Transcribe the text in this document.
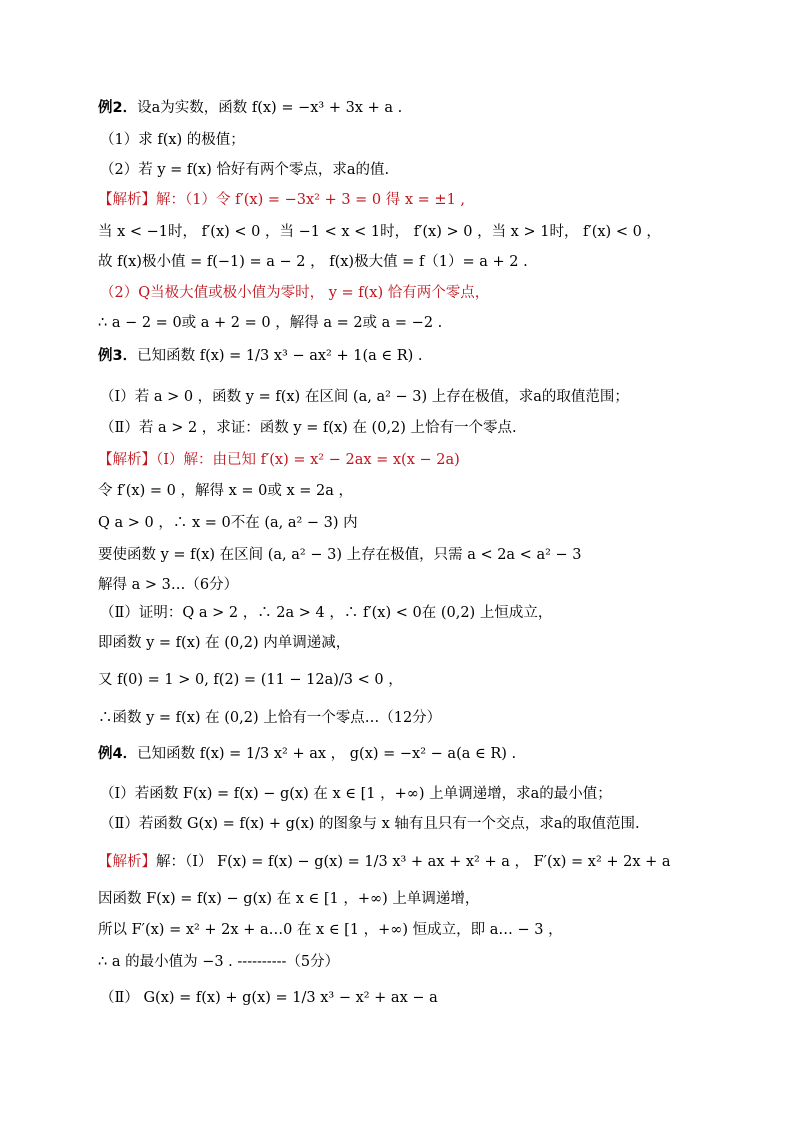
例2．设a为实数，函数 f(x) = −x³ + 3x + a .
（1）求 f(x) 的极值；
（2）若 y = f(x) 恰好有两个零点，求a的值.
【解析】解：（1）令 f′(x) = −3x² + 3 = 0 得 x = ±1 ,
当 x < −1时， f′(x) < 0 ，当 −1 < x < 1时， f′(x) > 0 ，当 x > 1时， f′(x) < 0 ，
故 f(x)极小值 = f(−1) = a − 2 ， f(x)极大值 = f（1）= a + 2 .
（2）Q当极大值或极小值为零时， y = f(x) 恰有两个零点，
∴ a − 2 = 0或 a + 2 = 0 ，解得 a = 2或 a = −2 .
例3．已知函数 f(x) = 1/3 x³ − ax² + 1(a ∈ R) .
（Ⅰ）若 a > 0 ，函数 y = f(x) 在区间 (a, a² − 3) 上存在极值，求a的取值范围；
（Ⅱ）若 a > 2 ，求证：函数 y = f(x) 在 (0,2) 上恰有一个零点.
【解析】（Ⅰ）解：由已知 f′(x) = x² − 2ax = x(x − 2a)
令 f′(x) = 0 ，解得 x = 0或 x = 2a ，
Q a > 0 ，∴ x = 0不在 (a, a² − 3) 内
要使函数 y = f(x) 在区间 (a, a² − 3) 上存在极值，只需 a < 2a < a² − 3
解得 a > 3…（6分）
（Ⅱ）证明：Q a > 2 ，∴ 2a > 4 ，∴ f′(x) < 0在 (0,2) 上恒成立，
即函数 y = f(x) 在 (0,2) 内单调递减，
又 f(0) = 1 > 0, f(2) = (11 − 12a)/3 < 0 ，
∴函数 y = f(x) 在 (0,2) 上恰有一个零点…（12分）
例4．已知函数 f(x) = 1/3 x² + ax ， g(x) = −x² − a(a ∈ R) .
（Ⅰ）若函数 F(x) = f(x) − g(x) 在 x ∈ [1 ，+∞) 上单调递增，求a的最小值；
（Ⅱ）若函数 G(x) = f(x) + g(x) 的图象与 x 轴有且只有一个交点，求a的取值范围.
【解析】解：（Ⅰ） F(x) = f(x) − g(x) = 1/3 x³ + ax + x² + a ， F′(x) = x² + 2x + a
因函数 F(x) = f(x) − g(x) 在 x ∈ [1 ，+∞) 上单调递增，
所以 F′(x) = x² + 2x + a…0 在 x ∈ [1 ，+∞) 恒成立，即 a… − 3 ，
∴ a 的最小值为 −3 . ----------（5分）
（Ⅱ） G(x) = f(x) + g(x) = 1/3 x³ − x² + ax − a
